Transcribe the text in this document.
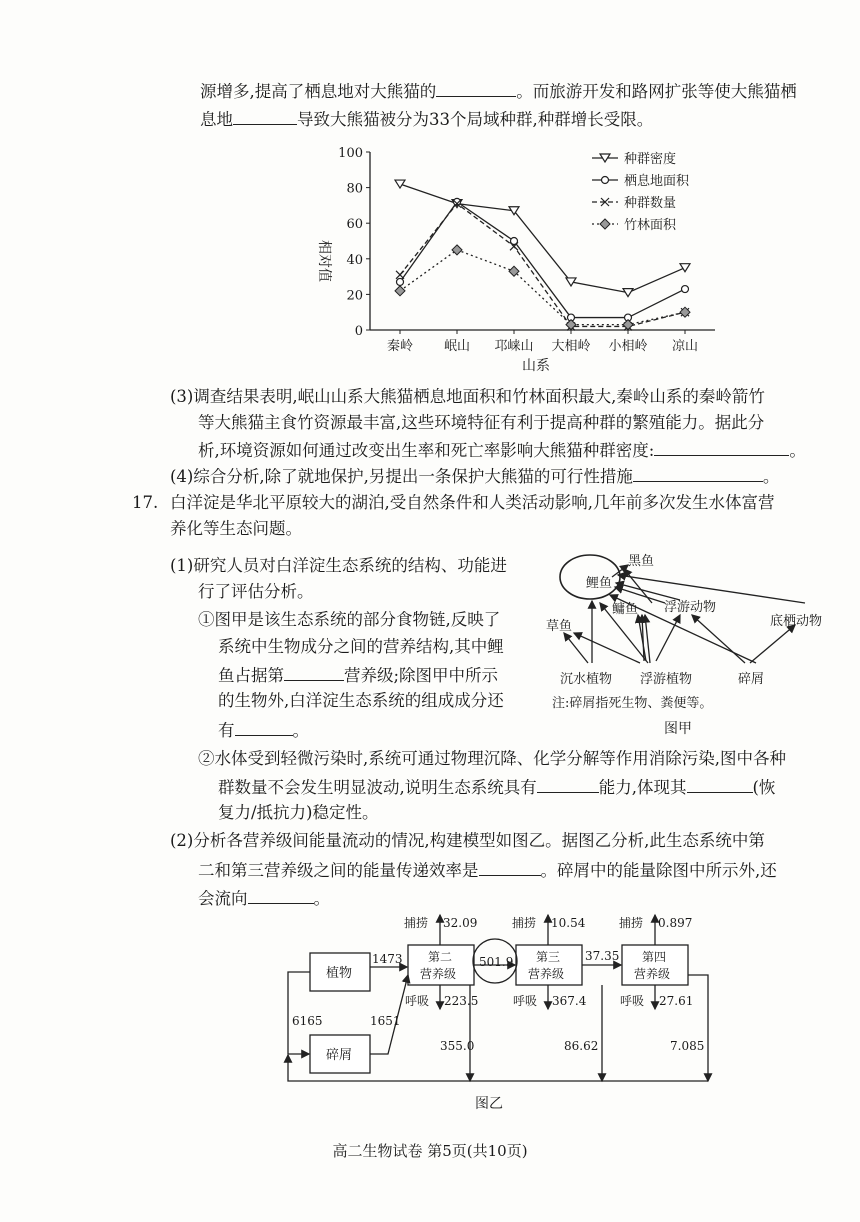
源增多,提高了栖息地对大熊猫的	。而旅游开发和路网扩张等使大熊猫栖
息地	导致大熊猫被分为33个局域种群,种群增长受限。
0
20
40
60
80
100
秦岭 岷山 邛崃山 大相岭 小相岭 凉山
种群密度
栖息地面积
种群数量
竹林面积
相对值
山系
(3)调查结果表明,岷山山系大熊猫栖息地面积和竹林面积最大,秦岭山系的秦岭箭竹
等大熊猫主食竹资源最丰富,这些环境特征有利于提高种群的繁殖能力。据此分
析,环境资源如何通过改变出生率和死亡率影响大熊猫种群密度:	。
(4)综合分析,除了就地保护,另提出一条保护大熊猫的可行性措施	。
17. 白洋淀是华北平原较大的湖泊,受自然条件和人类活动影响,几年前多次发生水体富营
养化等生态问题。
(1)研究人员对白洋淀生态系统的结构、功能进
行了评估分析。
①图甲是该生态系统的部分食物链,反映了
系统中生物成分之间的营养结构,其中鲤
鱼占据第	营养级;除图甲中所示
的生物外,白洋淀生态系统的组成成分还
有	。
黑鱼
鲤鱼
鳙鱼 浮游动物
底栖动物
草鱼
沉水植物 浮游植物	碎屑
注:碎屑指死生物、粪便等。
图甲
②水体受到轻微污染时,系统可通过物理沉降、化学分解等作用消除污染,图中各种
群数量不会发生明显波动,说明生态系统具有	能力,体现其	(恢
复力/抵抗力)稳定性。
(2)分析各营养级间能量流动的情况,构建模型如图乙。据图乙分析,此生态系统中第
二和第三营养级之间的能量传递效率是	。碎屑中的能量除图中所示外,还
会流向	。
植物
碎屑
第二
营养级
第三
营养级
第四
营养级
捕捞 32.09	捕捞 10.54	捕捞 0.897
呼吸 223.5	呼吸 367.4	呼吸 27.61
1473	501.9	37.35
6165	1651
355.0	86.62	7.085
图乙
高二生物试卷 第5页(共10页)
